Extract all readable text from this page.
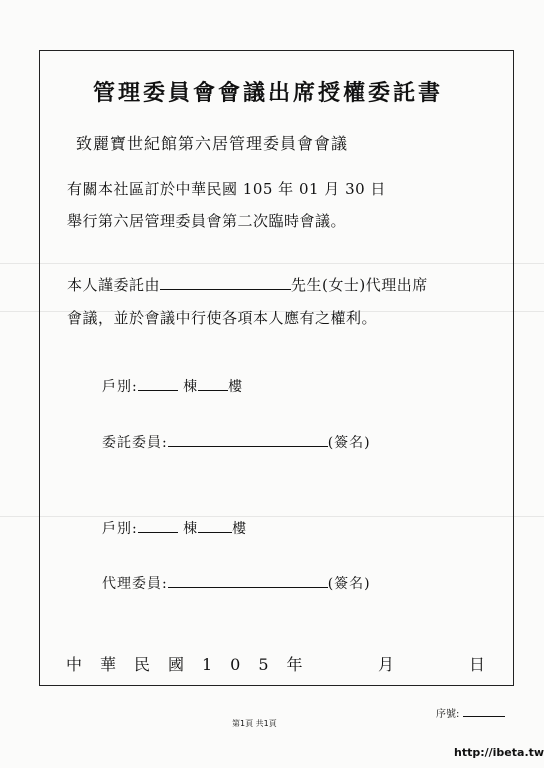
管理委員會會議出席授權委託書
致麗寶世紀館第六居管理委員會會議
有關本社區訂於中華民國 105 年 01 月 30 日
舉行第六居管理委員會第二次臨時會議。
本人謹委託由	先生(女士)代理出席
會議，並於會議中行使各項本人應有之權利。
戶別:	棟 樓
委託委員:	(簽名)
戶別:	棟 樓
代理委員:	(簽名)
中華民國105年	月	日
序號:
第1頁 共1頁
http://ibeta.tw
